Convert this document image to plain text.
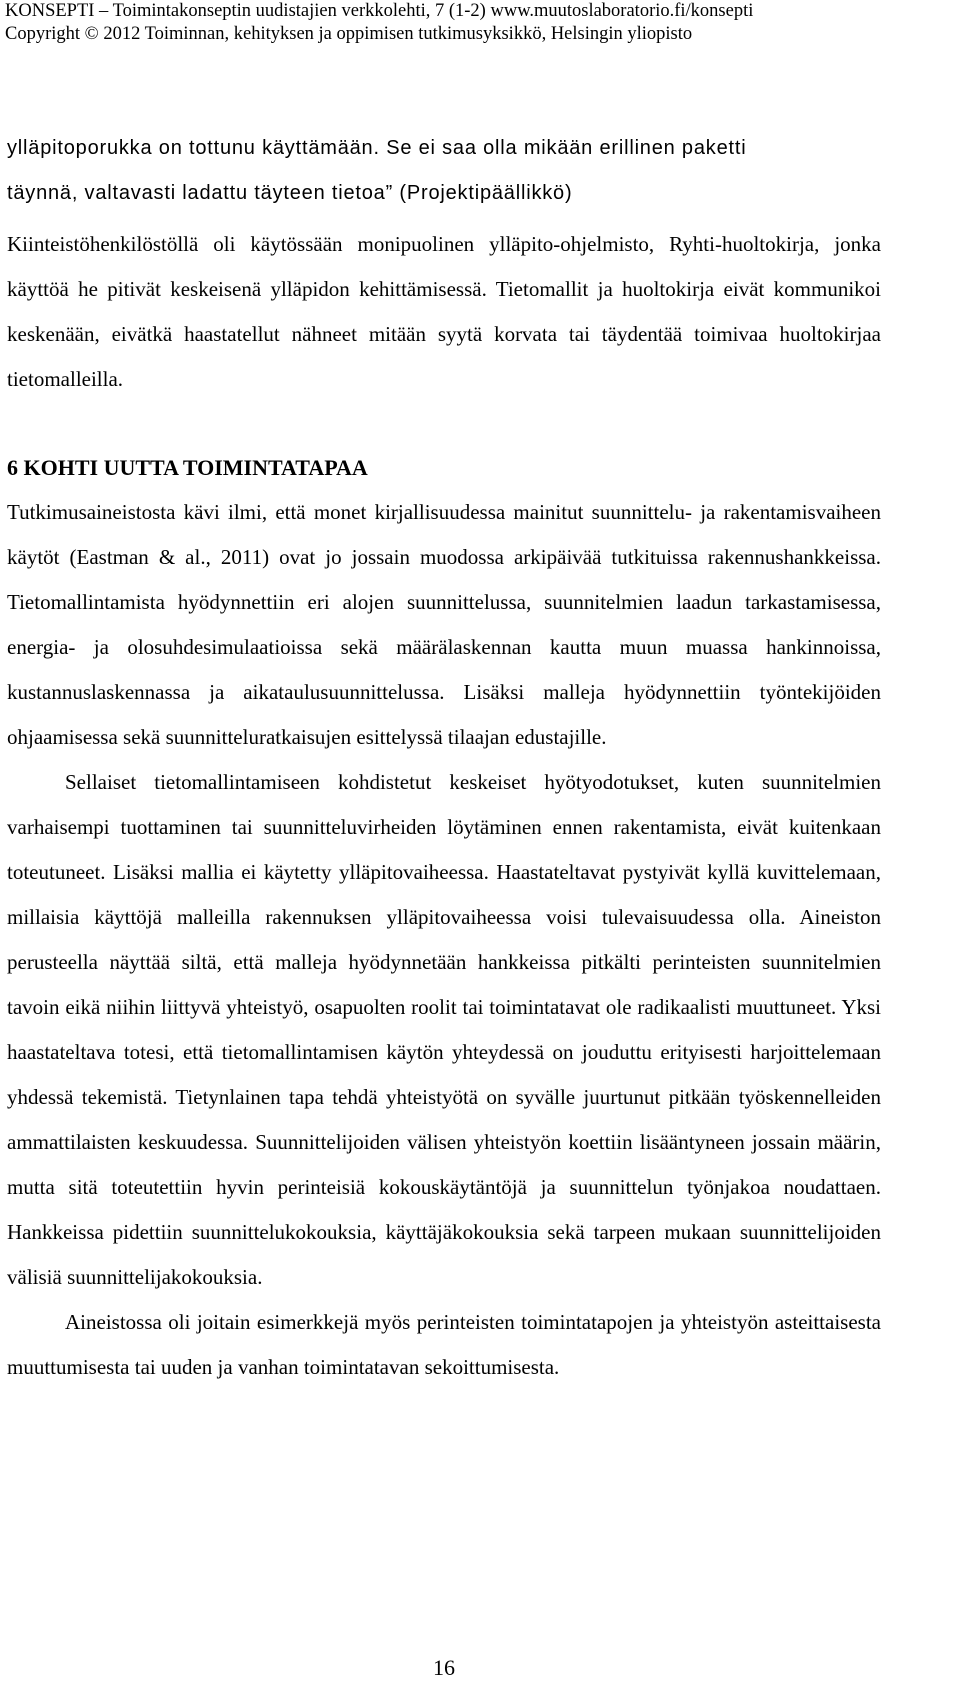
KONSEPTI – Toimintakonseptin uudistajien verkkolehti, 7 (1-2) www.muutoslaboratorio.fi/konsepti
Copyright © 2012 Toiminnan, kehityksen ja oppimisen tutkimusyksikkö, Helsingin yliopisto
ylläpitoporukka on tottunu käyttämään. Se ei saa olla mikään erillinen paketti
täynnä, valtavasti ladattu täyteen tietoa” (Projektipäällikkö)

Kiinteistöhenkilöstöllä oli käytössään monipuolinen ylläpito-ohjelmisto, Ryhti-huoltokirja, jonka käyttöä he pitivät keskeisenä ylläpidon kehittämisessä. Tietomallit ja huoltokirja eivät kommunikoi keskenään, eivätkä haastatellut nähneet mitään syytä korvata tai täydentää toimivaa huoltokirjaa tietomalleilla.

6 KOHTI UUTTA TOIMINTATAPAA

Tutkimusaineistosta kävi ilmi, että monet kirjallisuudessa mainitut suunnittelu- ja rakentamisvaiheen käytöt (Eastman & al., 2011) ovat jo jossain muodossa arkipäivää tutkituissa rakennushankkeissa. Tietomallintamista hyödynnettiin eri alojen suunnittelussa, suunnitelmien laadun tarkastamisessa, energia- ja olosuhdesimulaatioissa sekä määrälaskennan kautta muun muassa hankinnoissa, kustannuslaskennassa ja aikataulusuunnittelussa. Lisäksi malleja hyödynnettiin työntekijöiden ohjaamisessa sekä suunnitteluratkaisujen esittelyssä tilaajan edustajille.

Sellaiset tietomallintamiseen kohdistetut keskeiset hyötyodotukset, kuten suunnitelmien varhaisempi tuottaminen tai suunnitteluvirheiden löytäminen ennen rakentamista, eivät kuitenkaan toteutuneet. Lisäksi mallia ei käytetty ylläpitovaiheessa. Haastateltavat pystyivät kyllä kuvittelemaan, millaisia käyttöjä malleilla rakennuksen ylläpitovaiheessa voisi tulevaisuudessa olla. Aineiston perusteella näyttää siltä, että malleja hyödynnetään hankkeissa pitkälti perinteisten suunnitelmien tavoin eikä niihin liittyvä yhteistyö, osapuolten roolit tai toimintatavat ole radikaalisti muuttuneet. Yksi haastateltava totesi, että tietomallintamisen käytön yhteydessä on jouduttu erityisesti harjoittelemaan yhdessä tekemistä. Tietynlainen tapa tehdä yhteistyötä on syvälle juurtunut pitkään työskennelleiden ammattilaisten keskuudessa. Suunnittelijoiden välisen yhteistyön koettiin lisääntyneen jossain määrin, mutta sitä toteutettiin hyvin perinteisiä kokouskäytäntöjä ja suunnittelun työnjakoa noudattaen. Hankkeissa pidettiin suunnittelukokouksia, käyttäjäkokouksia sekä tarpeen mukaan suunnittelijoiden välisiä suunnittelijakokouksia.

Aineistossa oli joitain esimerkkejä myös perinteisten toimintatapojen ja yhteistyön asteittaisesta muuttumisesta tai uuden ja vanhan toimintatavan sekoittumisesta.

16
